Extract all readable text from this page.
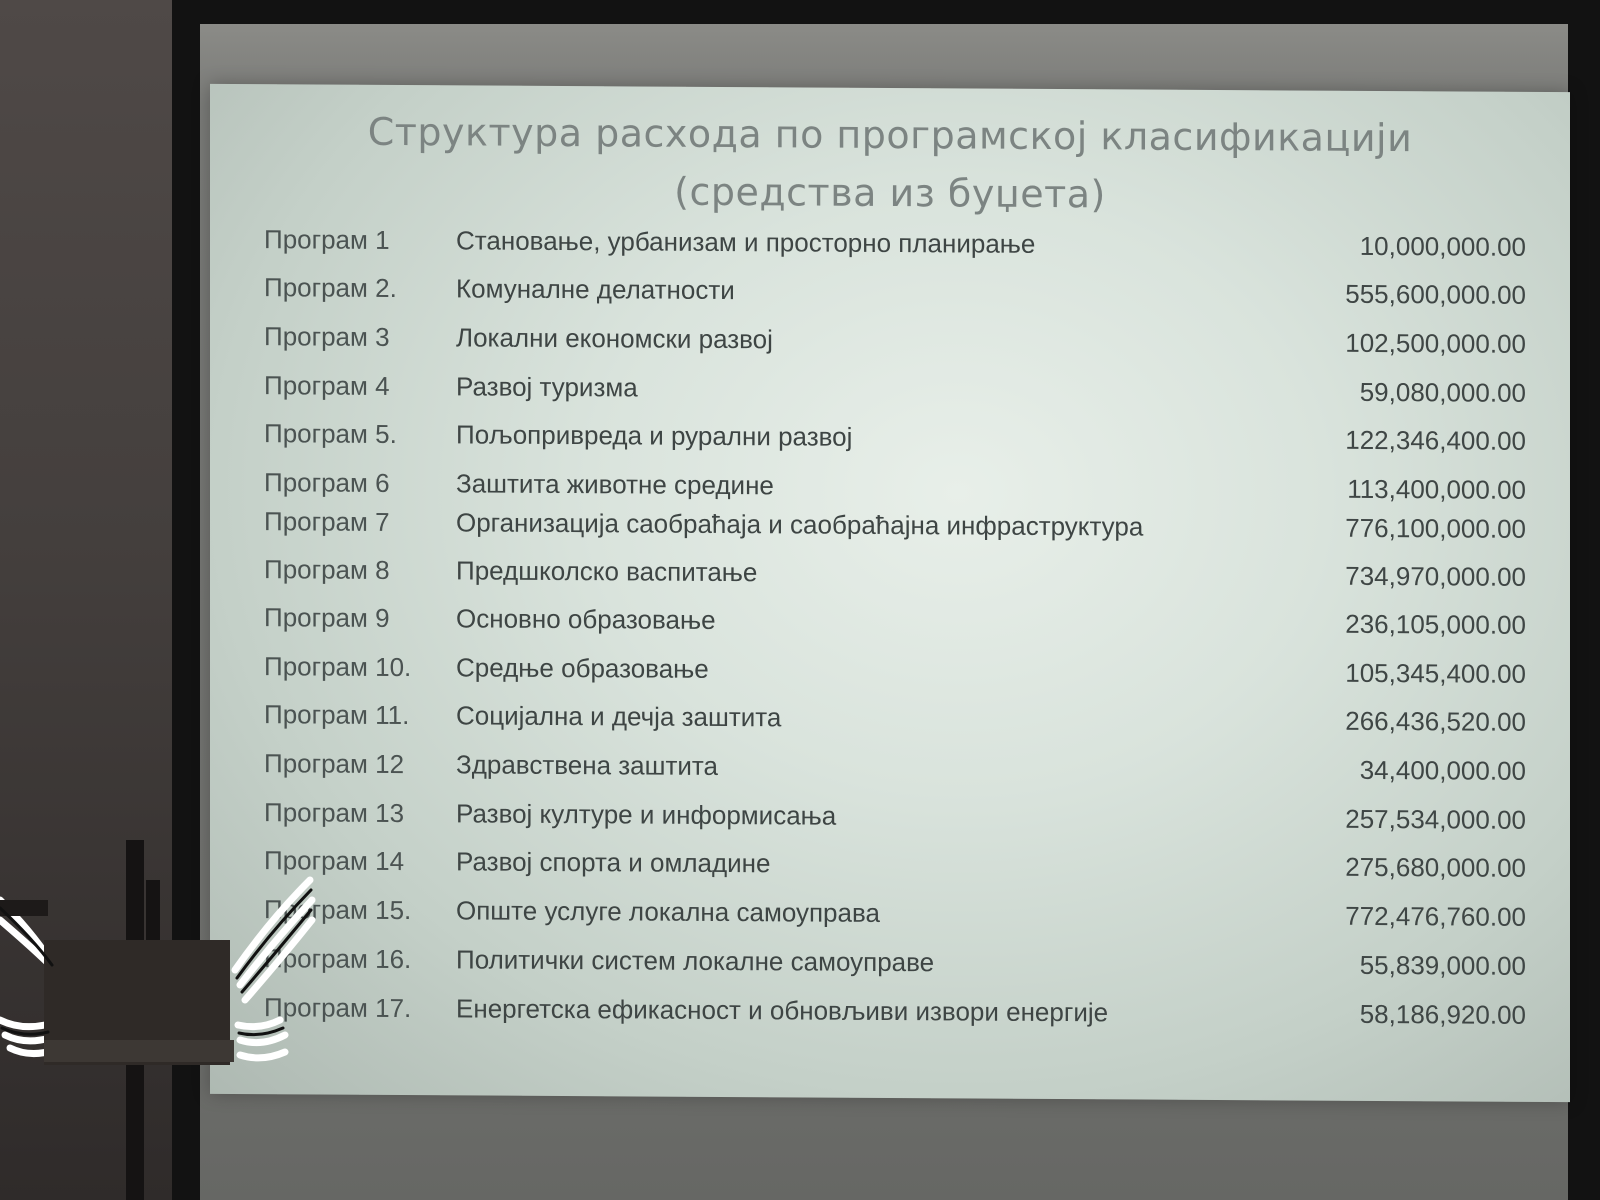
Структура расхода по програмској класификацији
(средства из буџета)
Програм 1	Становање, урбанизам и просторно планирање	10,000,000.00
Програм 2.	Комуналне делатности	555,600,000.00
Програм 3	Локални економски развој	102,500,000.00
Програм 4	Развој туризма	59,080,000.00
Програм 5.	Пољопривреда и рурални развој	122,346,400.00
Програм 6	Заштита животне средине	113,400,000.00
Програм 7	Организација саобраћаја и саобраћајна инфраструктура	776,100,000.00
Програм 8	Предшколско васпитање	734,970,000.00
Програм 9	Основно образовање	236,105,000.00
Програм 10.	Средње образовање	105,345,400.00
Програм 11.	Социјална и дечја заштита	266,436,520.00
Програм 12	Здравствена заштита	34,400,000.00
Програм 13	Развој културе и информисања	257,534,000.00
Програм 14	Развој спорта и омладине	275,680,000.00
Програм 15.	Опште услуге локална самоуправа	772,476,760.00
Програм 16.	Политички систем локалне самоуправе	55,839,000.00
Програм 17.	Енергетска ефикасност и обновљиви извори енергије	58,186,920.00
